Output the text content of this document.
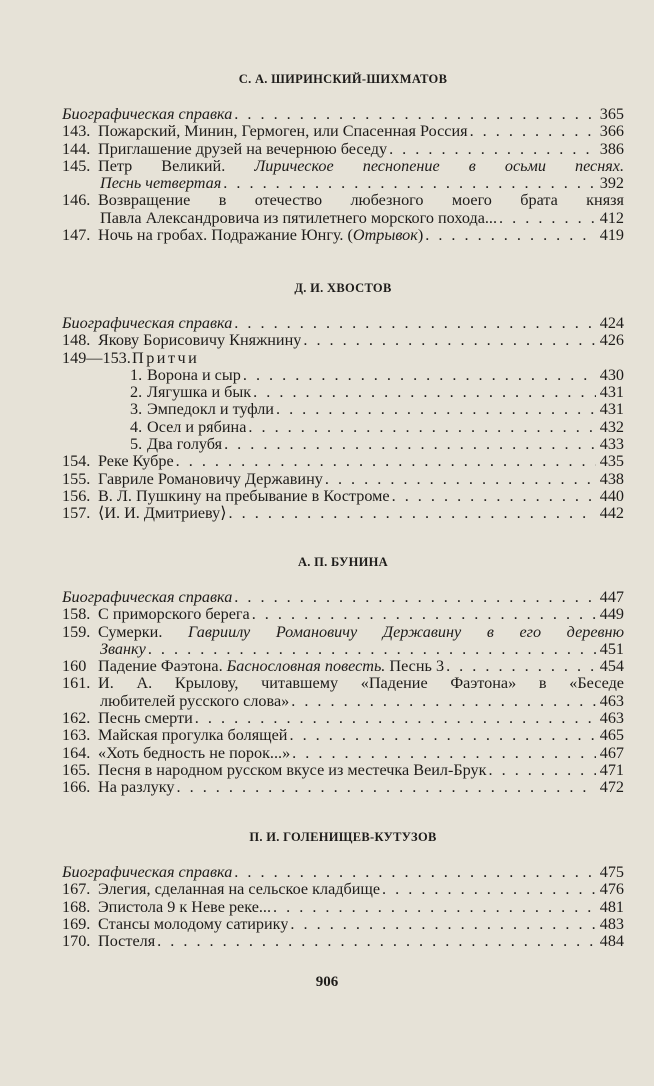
С. А. ШИРИНСКИЙ-ШИХМАТОВ
Биографическая справка . . .	365
143. Пожарский, Минин, Гермоген, или Спасенная Россия . . .	366
144. Приглашение друзей на вечернюю беседу . . .	386
145. Петр Великий. Лирическое песнопение в осьми песнях.
Песнь четвертая . . .	392
146. Возвращение в отечество любезного моего брата князя
Павла Александровича из пятилетнего морского похода... . . .	412
147. Ночь на гробах. Подражание Юнгу. (Отрывок) . . .	419
Д. И. ХВОСТОВ
Биографическая справка . . .	424
148. Якову Борисовичу Княжнину . . .	426
149—153. Притчи
1. Ворона и сыр . . .	430
2. Лягушка и бык . . .	431
3. Эмпедокл и туфли . . .	431
4. Осел и рябина . . .	432
5. Два голубя . . .	433
154. Реке Кубре . . .	435
155. Гавриле Романовичу Державину . . .	438
156. В. Л. Пушкину на пребывание в Костроме . . .	440
157. ⟨И. И. Дмитриеву⟩ . . .	442
А. П. БУНИНА
Биографическая справка . . .	447
158. С приморского берега . . .	449
159. Сумерки. Гавриилу Романовичу Державину в его деревню
Званку . . .	451
160 Падение Фаэтона. Баснословная повесть. Песнь 3 . . .	454
161. И. А. Крылову, читавшему «Падение Фаэтона» в «Беседе
любителей русского слова» . . .	463
162. Песнь смерти . . .	463
163. Майская прогулка болящей . . .	465
164. «Хоть бедность не порок...» . . .	467
165. Песня в народном русском вкусе из местечка Веил-Брук . . .	471
166. На разлуку . . .	472
П. И. ГОЛЕНИЩЕВ-КУТУЗОВ
Биографическая справка . . .	475
167. Элегия, сделанная на сельское кладбище . . .	476
168. Эпистола 9 к Неве реке... . . .	481
169. Стансы молодому сатирику . . .	483
170. Постеля . . .	484
906
